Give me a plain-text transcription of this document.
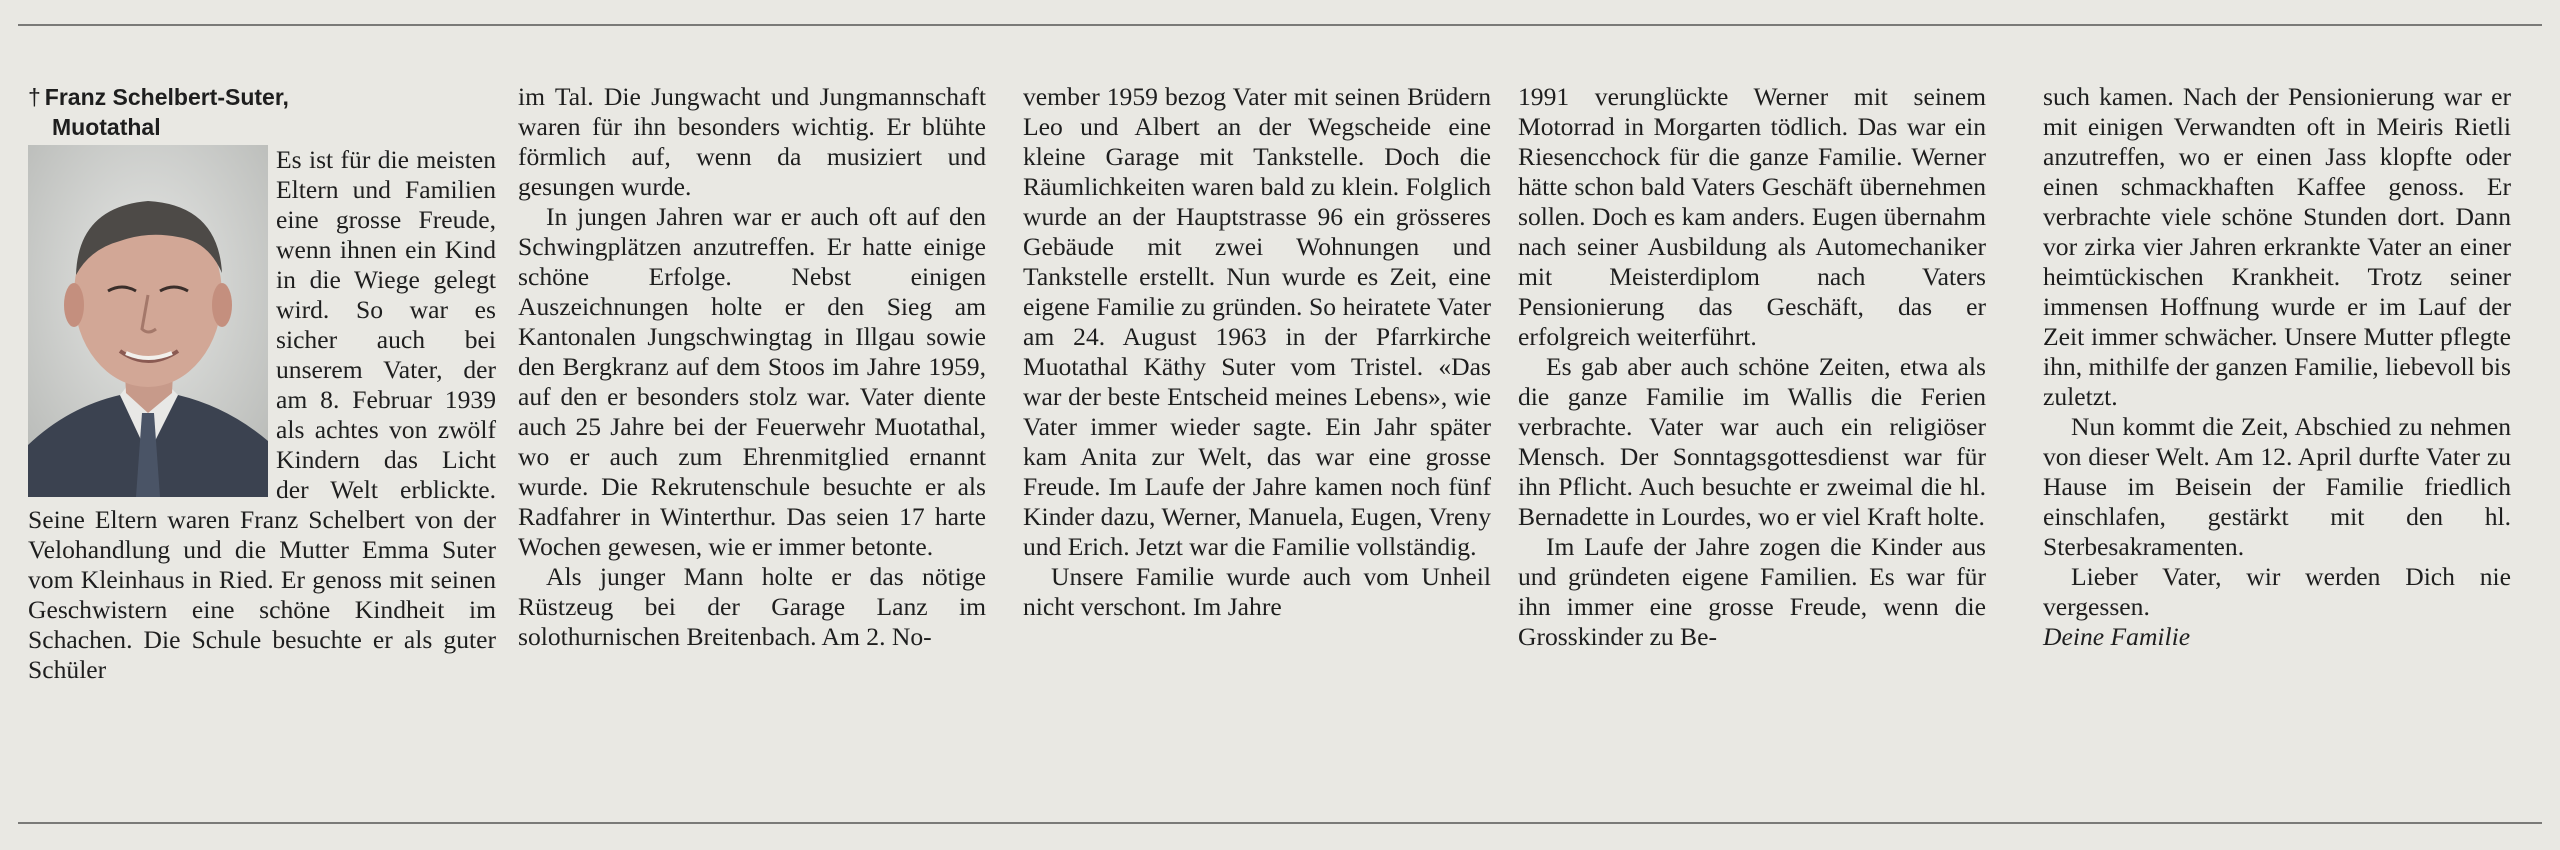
† Franz Schelbert-Suter,
Muotathal

Es ist für die meisten Eltern und Familien eine grosse Freude, wenn ihnen ein Kind in die Wiege gelegt wird. So war es sicher auch bei unserem Vater, der am 8. Februar 1939 als achtes von zwölf Kindern das Licht der Welt erblickte. Seine Eltern waren Franz Schelbert von der Velohandlung und die Mutter Emma Suter vom Kleinhaus in Ried. Er genoss mit seinen Geschwistern eine schöne Kindheit im Schachen. Die Schule besuchte er als guter Schüler

im Tal. Die Jungwacht und Jungmannschaft waren für ihn besonders wichtig. Er blühte förmlich auf, wenn da musiziert und gesungen wurde.

In jungen Jahren war er auch oft auf den Schwingplätzen anzutreffen. Er hatte einige schöne Erfolge. Nebst einigen Auszeichnungen holte er den Sieg am Kantonalen Jungschwingtag in Illgau sowie den Bergkranz auf dem Stoos im Jahre 1959, auf den er besonders stolz war. Vater diente auch 25 Jahre bei der Feuerwehr Muotathal, wo er auch zum Ehrenmitglied ernannt wurde. Die Rekrutenschule besuchte er als Radfahrer in Winterthur. Das seien 17 harte Wochen gewesen, wie er immer betonte.

Als junger Mann holte er das nötige Rüstzeug bei der Garage Lanz im solothurnischen Breitenbach. Am 2. No-

vember 1959 bezog Vater mit seinen Brüdern Leo und Albert an der Wegscheide eine kleine Garage mit Tankstelle. Doch die Räumlichkeiten waren bald zu klein. Folglich wurde an der Hauptstrasse 96 ein grösseres Gebäude mit zwei Wohnungen und Tankstelle erstellt. Nun wurde es Zeit, eine eigene Familie zu gründen. So heiratete Vater am 24. August 1963 in der Pfarrkirche Muotathal Käthy Suter vom Tristel. «Das war der beste Entscheid meines Lebens», wie Vater immer wieder sagte. Ein Jahr später kam Anita zur Welt, das war eine grosse Freude. Im Laufe der Jahre kamen noch fünf Kinder dazu, Werner, Manuela, Eugen, Vreny und Erich. Jetzt war die Familie vollständig.

Unsere Familie wurde auch vom Unheil nicht verschont. Im Jahre

1991 verunglückte Werner mit seinem Motorrad in Morgarten tödlich. Das war ein Riesencchock für die ganze Familie. Werner hätte schon bald Vaters Geschäft übernehmen sollen. Doch es kam anders. Eugen übernahm nach seiner Ausbildung als Automechaniker mit Meisterdiplom nach Vaters Pensionierung das Geschäft, das er erfolgreich weiterführt.

Es gab aber auch schöne Zeiten, etwa als die ganze Familie im Wallis die Ferien verbrachte. Vater war auch ein religiöser Mensch. Der Sonntagsgottesdienst war für ihn Pflicht. Auch besuchte er zweimal die hl. Bernadette in Lourdes, wo er viel Kraft holte.

Im Laufe der Jahre zogen die Kinder aus und gründeten eigene Familien. Es war für ihn immer eine grosse Freude, wenn die Grosskinder zu Be-

such kamen. Nach der Pensionierung war er mit einigen Verwandten oft in Meiris Rietli anzutreffen, wo er einen Jass klopfte oder einen schmackhaften Kaffee genoss. Er verbrachte viele schöne Stunden dort. Dann vor zirka vier Jahren erkrankte Vater an einer heimtückischen Krankheit. Trotz seiner immensen Hoffnung wurde er im Lauf der Zeit immer schwächer. Unsere Mutter pflegte ihn, mithilfe der ganzen Familie, liebevoll bis zuletzt.

Nun kommt die Zeit, Abschied zu nehmen von dieser Welt. Am 12. April durfte Vater zu Hause im Beisein der Familie friedlich einschlafen, gestärkt mit den hl. Sterbesakramenten.

Lieber Vater, wir werden Dich nie vergessen.

Deine Familie
